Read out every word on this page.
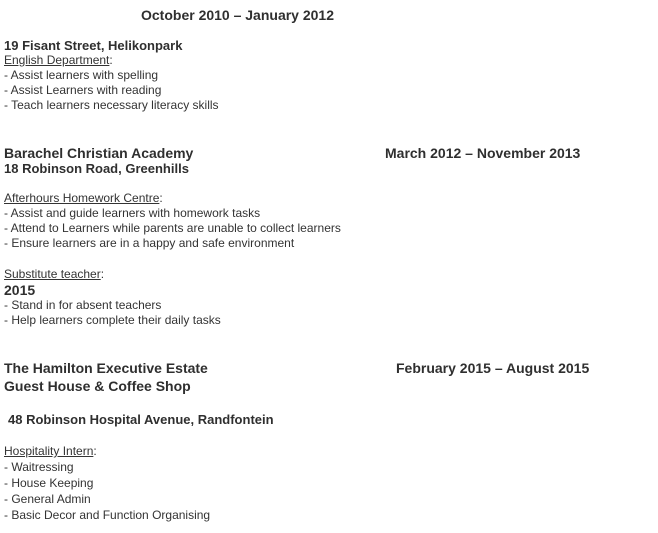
October 2010 – January 2012
19 Fisant Street, Helikonpark
English Department:
- Assist learners with spelling
- Assist Learners with reading
- Teach learners necessary literacy skills
Barachel Christian Academy	March 2012 – November 2013
18 Robinson Road, Greenhills
Afterhours Homework Centre:
- Assist and guide learners with homework tasks
- Attend to Learners while parents are unable to collect learners
- Ensure learners are in a happy and safe environment
Substitute teacher:
2015
- Stand in for absent teachers
- Help learners complete their daily tasks
The Hamilton Executive Estate	February 2015 – August 2015
Guest House & Coffee Shop
48 Robinson Hospital Avenue, Randfontein
Hospitality Intern:
- Waitressing
- House Keeping
- General Admin
- Basic Decor and Function Organising
